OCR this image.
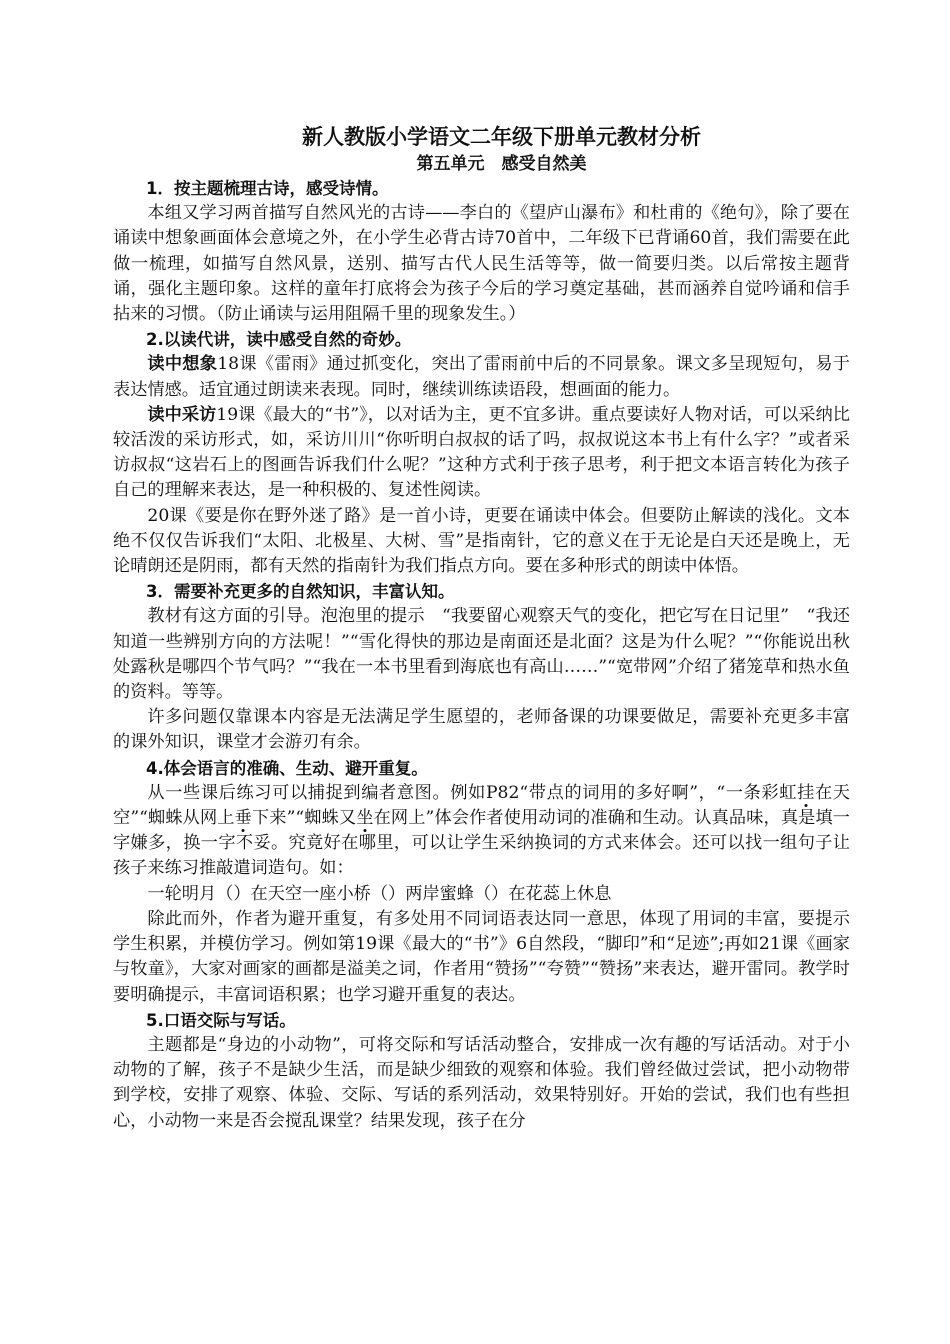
新人教版小学语文二年级下册单元教材分析
第五单元　感受自然美
1．按主题梳理古诗，感受诗情。

本组又学习两首描写自然风光的古诗——李白的《望庐山瀑布》和杜甫的《绝句》，除了要在诵读中想象画面体会意境之外，在小学生必背古诗70首中，二年级下已背诵60首，我们需要在此做一梳理，如描写自然风景，送别、描写古代人民生活等等，做一简要归类。以后常按主题背诵，强化主题印象。这样的童年打底将会为孩子今后的学习奠定基础，甚而涵养自觉吟诵和信手拈来的习惯。（防止诵读与运用阻隔千里的现象发生。）

2.以读代讲，读中感受自然的奇妙。

读中想象18课《雷雨》通过抓变化，突出了雷雨前中后的不同景象。课文多呈现短句，易于表达情感。适宜通过朗读来表现。同时，继续训练读语段，想画面的能力。

读中采访19课《最大的“书”》，以对话为主，更不宜多讲。重点要读好人物对话，可以采纳比较活泼的采访形式，如，采访川川“你听明白叔叔的话了吗，叔叔说这本书上有什么字？”或者采访叔叔“这岩石上的图画告诉我们什么呢？”这种方式利于孩子思考，利于把文本语言转化为孩子自己的理解来表达，是一种积极的、复述性阅读。

20课《要是你在野外迷了路》是一首小诗，更要在诵读中体会。但要防止解读的浅化。文本绝不仅仅告诉我们“太阳、北极星、大树、雪”是指南针，它的意义在于无论是白天还是晚上，无论晴朗还是阴雨，都有天然的指南针为我们指点方向。要在多种形式的朗读中体悟。

3．需要补充更多的自然知识，丰富认知。

教材有这方面的引导。泡泡里的提示　“我要留心观察天气的变化，把它写在日记里”　“我还知道一些辨别方向的方法呢！”“雪化得快的那边是南面还是北面？这是为什么呢？”“你能说出秋处露秋是哪四个节气吗？”“我在一本书里看到海底也有高山……”“宽带网”介绍了猪笼草和热水鱼的资料。等等。

许多问题仅靠课本内容是无法满足学生愿望的，老师备课的功课要做足，需要补充更多丰富的课外知识，课堂才会游刃有余。

4.体会语言的准确、生动、避开重复。

从一些课后练习可以捕捉到编者意图。例如P82“带点的词用的多好啊”，“一条彩虹挂在天空”“蜘蛛从网上垂下来”“蜘蛛又坐在网上”体会作者使用动词的准确和生动。认真品味，真是填一字嫌多，换一字不妥。究竟好在哪里，可以让学生采纳换词的方式来体会。还可以找一组句子让孩子来练习推敲遣词造句。如：

一轮明月（）在天空一座小桥（）两岸蜜蜂（）在花蕊上休息

除此而外，作者为避开重复，有多处用不同词语表达同一意思，体现了用词的丰富，要提示学生积累，并模仿学习。例如第19课《最大的“书”》6自然段，“脚印”和“足迹”;再如21课《画家与牧童》，大家对画家的画都是溢美之词，作者用“赞扬”“夸赞”“赞扬”来表达，避开雷同。教学时要明确提示，丰富词语积累；也学习避开重复的表达。

5.口语交际与写话。

主题都是“身边的小动物”，可将交际和写话活动整合，安排成一次有趣的写话活动。对于小动物的了解，孩子不是缺少生活，而是缺少细致的观察和体验。我们曾经做过尝试，把小动物带到学校，安排了观察、体验、交际、写话的系列活动，效果特别好。开始的尝试，我们也有些担心，小动物一来是否会搅乱课堂？结果发现，孩子在分
